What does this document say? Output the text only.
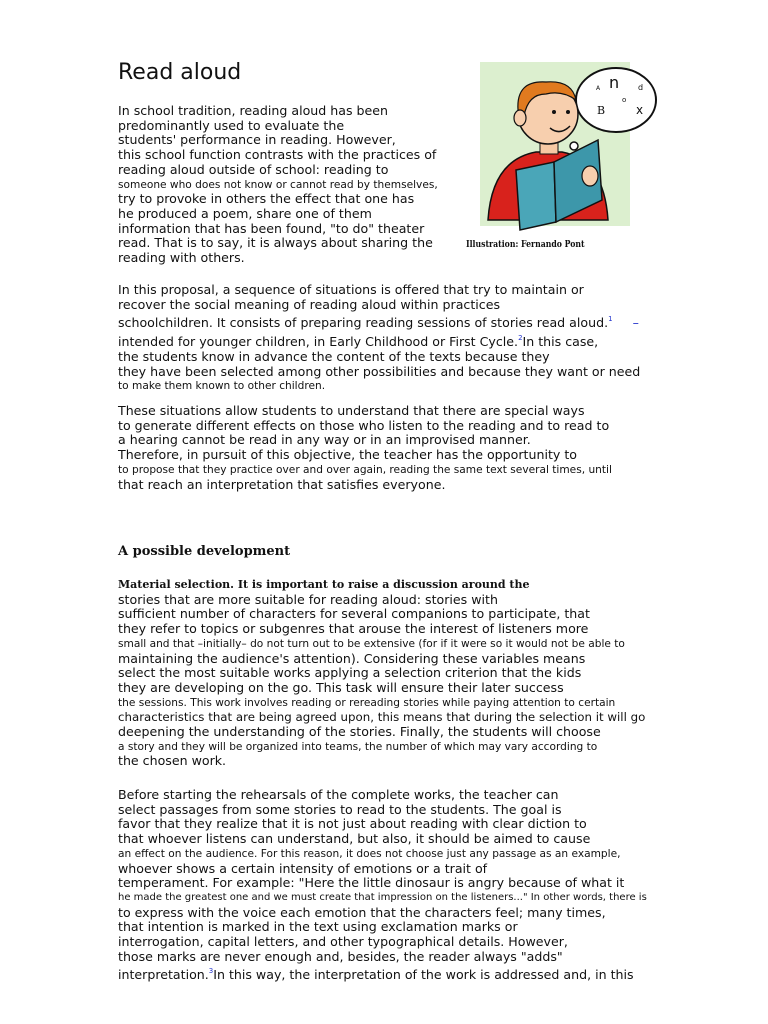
Read aloud	n
B	x
A	d
o
Illustration: Fernando Pont
In school tradition, reading aloud has been
predominantly used to evaluate the
students' performance in reading. However,
this school function contrasts with the practices of
reading aloud outside of school: reading to
someone who does not know or cannot read by themselves,
try to provoke in others the effect that one has
he produced a poem, share one of them
information that has been found, "to do" theater
read. That is to say, it is always about sharing the
reading with others.
In this proposal, a sequence of situations is offered that try to maintain or
recover the social meaning of reading aloud within practices
schoolchildren. It consists of preparing reading sessions of stories read aloud.$^1$ –
intended for younger children, in Early Childhood or First Cycle.$^2$In this case,
the students know in advance the content of the texts because they
they have been selected among other possibilities and because they want or need
to make them known to other children.
These situations allow students to understand that there are special ways
to generate different effects on those who listen to the reading and to read to
a hearing cannot be read in any way or in an improvised manner.
Therefore, in pursuit of this objective, the teacher has the opportunity to
to propose that they practice over and over again, reading the same text several times, until
that reach an interpretation that satisfies everyone.
A possible development
Material selection. It is important to raise a discussion around the
stories that are more suitable for reading aloud: stories with
sufficient number of characters for several companions to participate, that
they refer to topics or subgenres that arouse the interest of listeners more
small and that –initially– do not turn out to be extensive (for if it were so it would not be able to
maintaining the audience's attention). Considering these variables means
select the most suitable works applying a selection criterion that the kids
they are developing on the go. This task will ensure their later success
the sessions. This work involves reading or rereading stories while paying attention to certain
characteristics that are being agreed upon, this means that during the selection it will go
deepening the understanding of the stories. Finally, the students will choose
a story and they will be organized into teams, the number of which may vary according to
the chosen work.
Before starting the rehearsals of the complete works, the teacher can
select passages from some stories to read to the students. The goal is
favor that they realize that it is not just about reading with clear diction to
that whoever listens can understand, but also, it should be aimed to cause
an effect on the audience. For this reason, it does not choose just any passage as an example,
whoever shows a certain intensity of emotions or a trait of
temperament. For example: "Here the little dinosaur is angry because of what it
he made the greatest one and we must create that impression on the listeners..." In other words, there is
to express with the voice each emotion that the characters feel; many times,
that intention is marked in the text using exclamation marks or
interrogation, capital letters, and other typographical details. However,
those marks are never enough and, besides, the reader always "adds"
interpretation.$^3$In this way, the interpretation of the work is addressed and, in this
